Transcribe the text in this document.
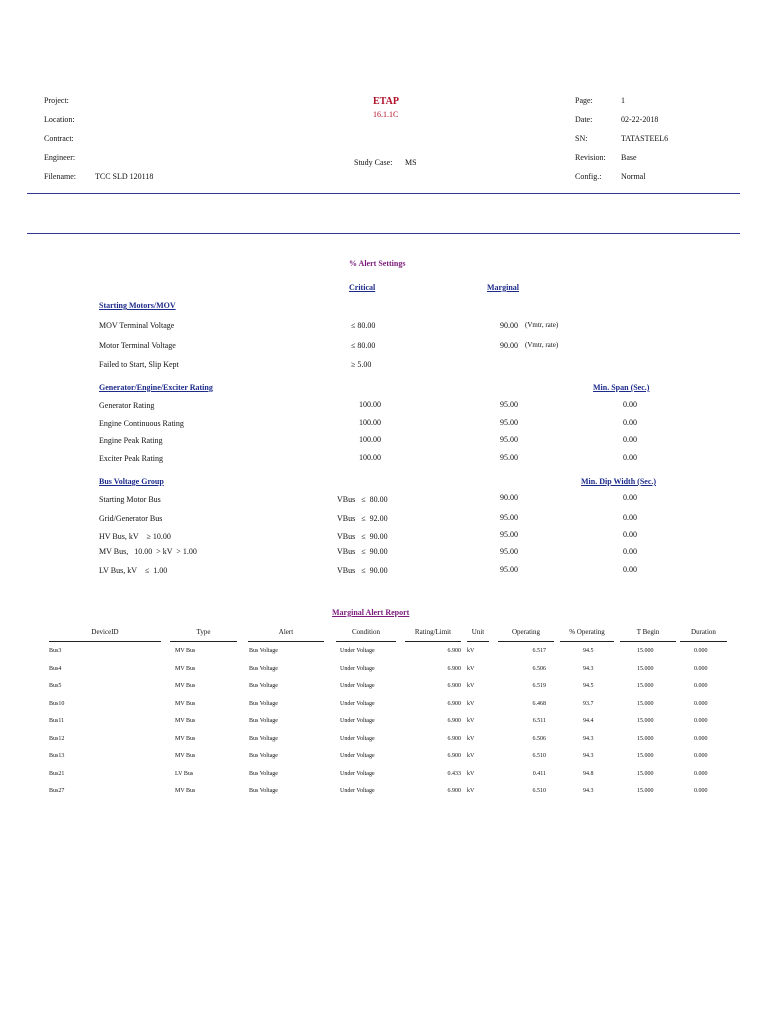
Project:
Location:
Contract:
Engineer:
Filename: TCC SLD 120118
ETAP
16.1.1C
Study Case: MS
Page:	1
Date:	02-22-2018
SN:	TATASTEEL6
Revision: Base
Config.: Normal
% Alert Settings
Critical	Marginal
Starting Motors/MOV
MOV Terminal Voltage	≤ 80.00	90.00 (Vmtr, rate)
Motor Terminal Voltage	≤ 80.00	90.00 (Vmtr, rate)
Failed to Start, Slip Kept	≥ 5.00
Generator/Engine/Exciter Rating	Min. Span (Sec.)
Generator Rating	100.00	95.00	0.00
Engine Continuous Rating	100.00	95.00	0.00
Engine Peak Rating	100.00	95.00	0.00
Exciter Peak Rating	100.00	95.00	0.00
Bus Voltage Group	Min. Dip Width (Sec.)
Starting Motor Bus	VBus   ≤  80.00	90.00	0.00
Grid/Generator Bus	VBus   ≤  92.00	95.00	0.00
HV Bus, kV    ≥ 10.00	VBus   ≤  90.00	95.00	0.00
MV Bus,   10.00  > kV  > 1.00	VBus   ≤  90.00	95.00	0.00
LV Bus, kV    ≤  1.00	VBus   ≤  90.00	95.00	0.00
Marginal Alert Report
DeviceID	Type	Alert	Condition	Rating/Limit	Unit	Operating	% Operating	T Begin	Duration
Bus3	MV Bus	Bus Voltage	Under Voltage	6.900 kV	6.517	94.5	15.000	0.000
Bus4	MV Bus	Bus Voltage	Under Voltage	6.900 kV	6.506	94.3	15.000	0.000
Bus5	MV Bus	Bus Voltage	Under Voltage	6.900 kV	6.519	94.5	15.000	0.000
Bus10	MV Bus	Bus Voltage	Under Voltage	6.900 kV	6.468	93.7	15.000	0.000
Bus11	MV Bus	Bus Voltage	Under Voltage	6.900 kV	6.511	94.4	15.000	0.000
Bus12	MV Bus	Bus Voltage	Under Voltage	6.900 kV	6.506	94.3	15.000	0.000
Bus13	MV Bus	Bus Voltage	Under Voltage	6.900 kV	6.510	94.3	15.000	0.000
Bus21	LV Bus	Bus Voltage	Under Voltage	0.433 kV	0.411	94.8	15.000	0.000
Bus27	MV Bus	Bus Voltage	Under Voltage	6.900 kV	6.510	94.3	15.000	0.000
